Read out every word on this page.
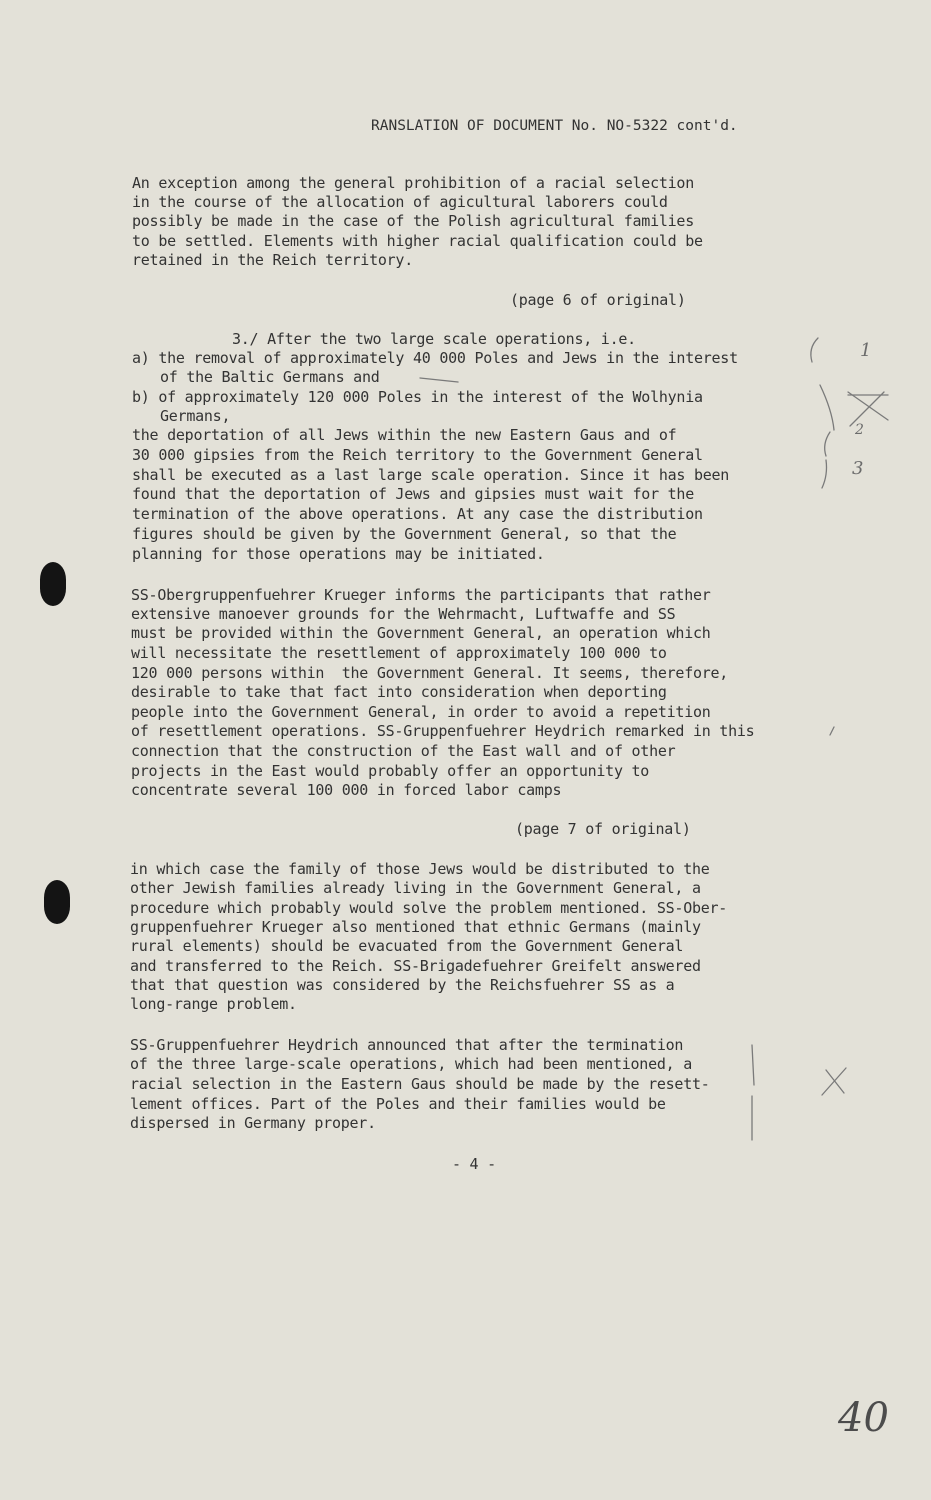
RANSLATION OF DOCUMENT No. NO-5322 cont'd.
An exception among the general prohibition of a racial selection
in the course of the allocation of agicultural laborers could
possibly be made in the case of the Polish agricultural families
to be settled. Elements with higher racial qualification could be
retained in the Reich territory.
(page 6 of original)
3./ After the two large scale operations, i.e.
a) the removal of approximately 40 000 Poles and Jews in the interest
of the Baltic Germans and
b) of approximately 120 000 Poles in the interest of the Wolhynia
Germans,
the deportation of all Jews within the new Eastern Gaus and of
30 000 gipsies from the Reich territory to the Government General
shall be executed as a last large scale operation. Since it has been
found that the deportation of Jews and gipsies must wait for the
termination of the above operations. At any case the distribution
figures should be given by the Government General, so that the
planning for those operations may be initiated.
SS-Obergruppenfuehrer Krueger informs the participants that rather
extensive manoever grounds for the Wehrmacht, Luftwaffe and SS
must be provided within the Government General, an operation which
will necessitate the resettlement of approximately 100 000 to
120 000 persons within  the Government General. It seems, therefore,
desirable to take that fact into consideration when deporting
people into the Government General, in order to avoid a repetition
of resettlement operations. SS-Gruppenfuehrer Heydrich remarked in this
connection that the construction of the East wall and of other
projects in the East would probably offer an opportunity to
concentrate several 100 000 in forced labor camps
(page 7 of original)
in which case the family of those Jews would be distributed to the
other Jewish families already living in the Government General, a
procedure which probably would solve the problem mentioned. SS-Ober-
gruppenfuehrer Krueger also mentioned that ethnic Germans (mainly
rural elements) should be evacuated from the Government General
and transferred to the Reich. SS-Brigadefuehrer Greifelt answered
that that question was considered by the Reichsfuehrer SS as a
long-range problem.
SS-Gruppenfuehrer Heydrich announced that after the termination
of the three large-scale operations, which had been mentioned, a
racial selection in the Eastern Gaus should be made by the resett-
lement offices. Part of the Poles and their families would be
dispersed in Germany proper.
- 4 -
1
2
3
40
